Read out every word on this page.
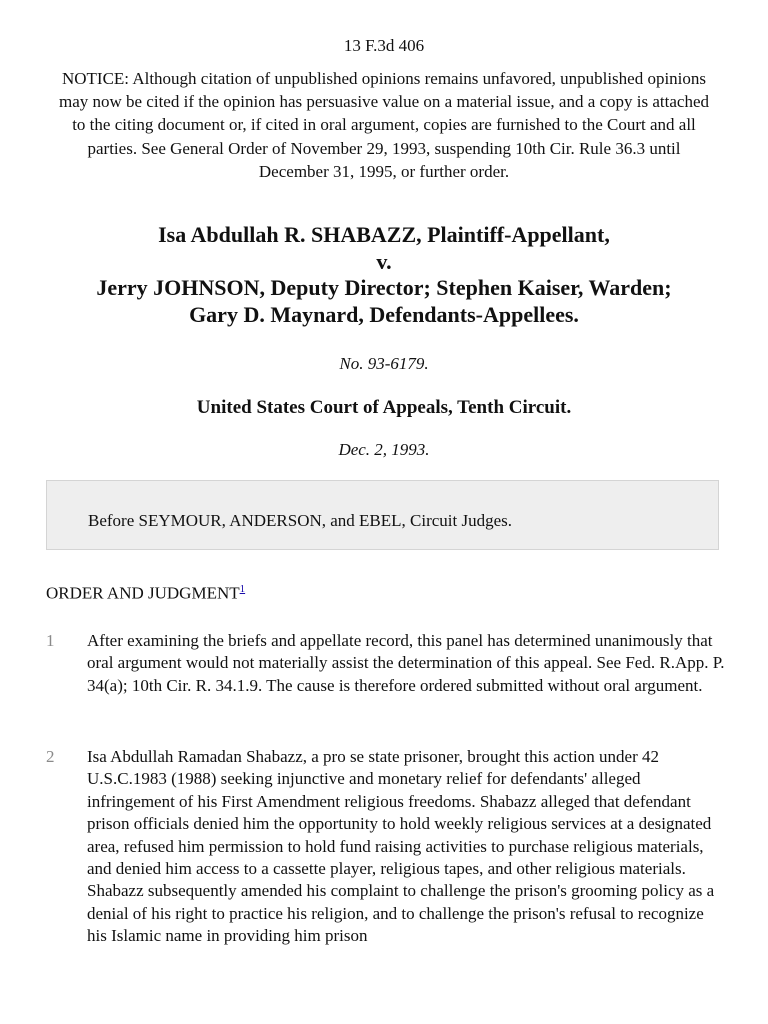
13 F.3d 406
NOTICE: Although citation of unpublished opinions remains unfavored, unpublished opinions may now be cited if the opinion has persuasive value on a material issue, and a copy is attached to the citing document or, if cited in oral argument, copies are furnished to the Court and all parties. See General Order of November 29, 1993, suspending 10th Cir. Rule 36.3 until December 31, 1995, or further order.
Isa Abdullah R. SHABAZZ, Plaintiff-Appellant,
v.
Jerry JOHNSON, Deputy Director; Stephen Kaiser, Warden;
Gary D. Maynard, Defendants-Appellees.
No. 93-6179.
United States Court of Appeals, Tenth Circuit.
Dec. 2, 1993.
Before SEYMOUR, ANDERSON, and EBEL, Circuit Judges.
ORDER AND JUDGMENT$^1$
1 After examining the briefs and appellate record, this panel has determined unanimously that oral argument would not materially assist the determination of this appeal. See Fed. R.App. P. 34(a); 10th Cir. R. 34.1.9. The cause is therefore ordered submitted without oral argument.
2 Isa Abdullah Ramadan Shabazz, a pro se state prisoner, brought this action under 42 U.S.C.1983 (1988) seeking injunctive and monetary relief for defendants' alleged infringement of his First Amendment religious freedoms. Shabazz alleged that defendant prison officials denied him the opportunity to hold weekly religious services at a designated area, refused him permission to hold fund raising activities to purchase religious materials, and denied him access to a cassette player, religious tapes, and other religious materials. Shabazz subsequently amended his complaint to challenge the prison's grooming policy as a denial of his right to practice his religion, and to challenge the prison's refusal to recognize his Islamic name in providing him prison
